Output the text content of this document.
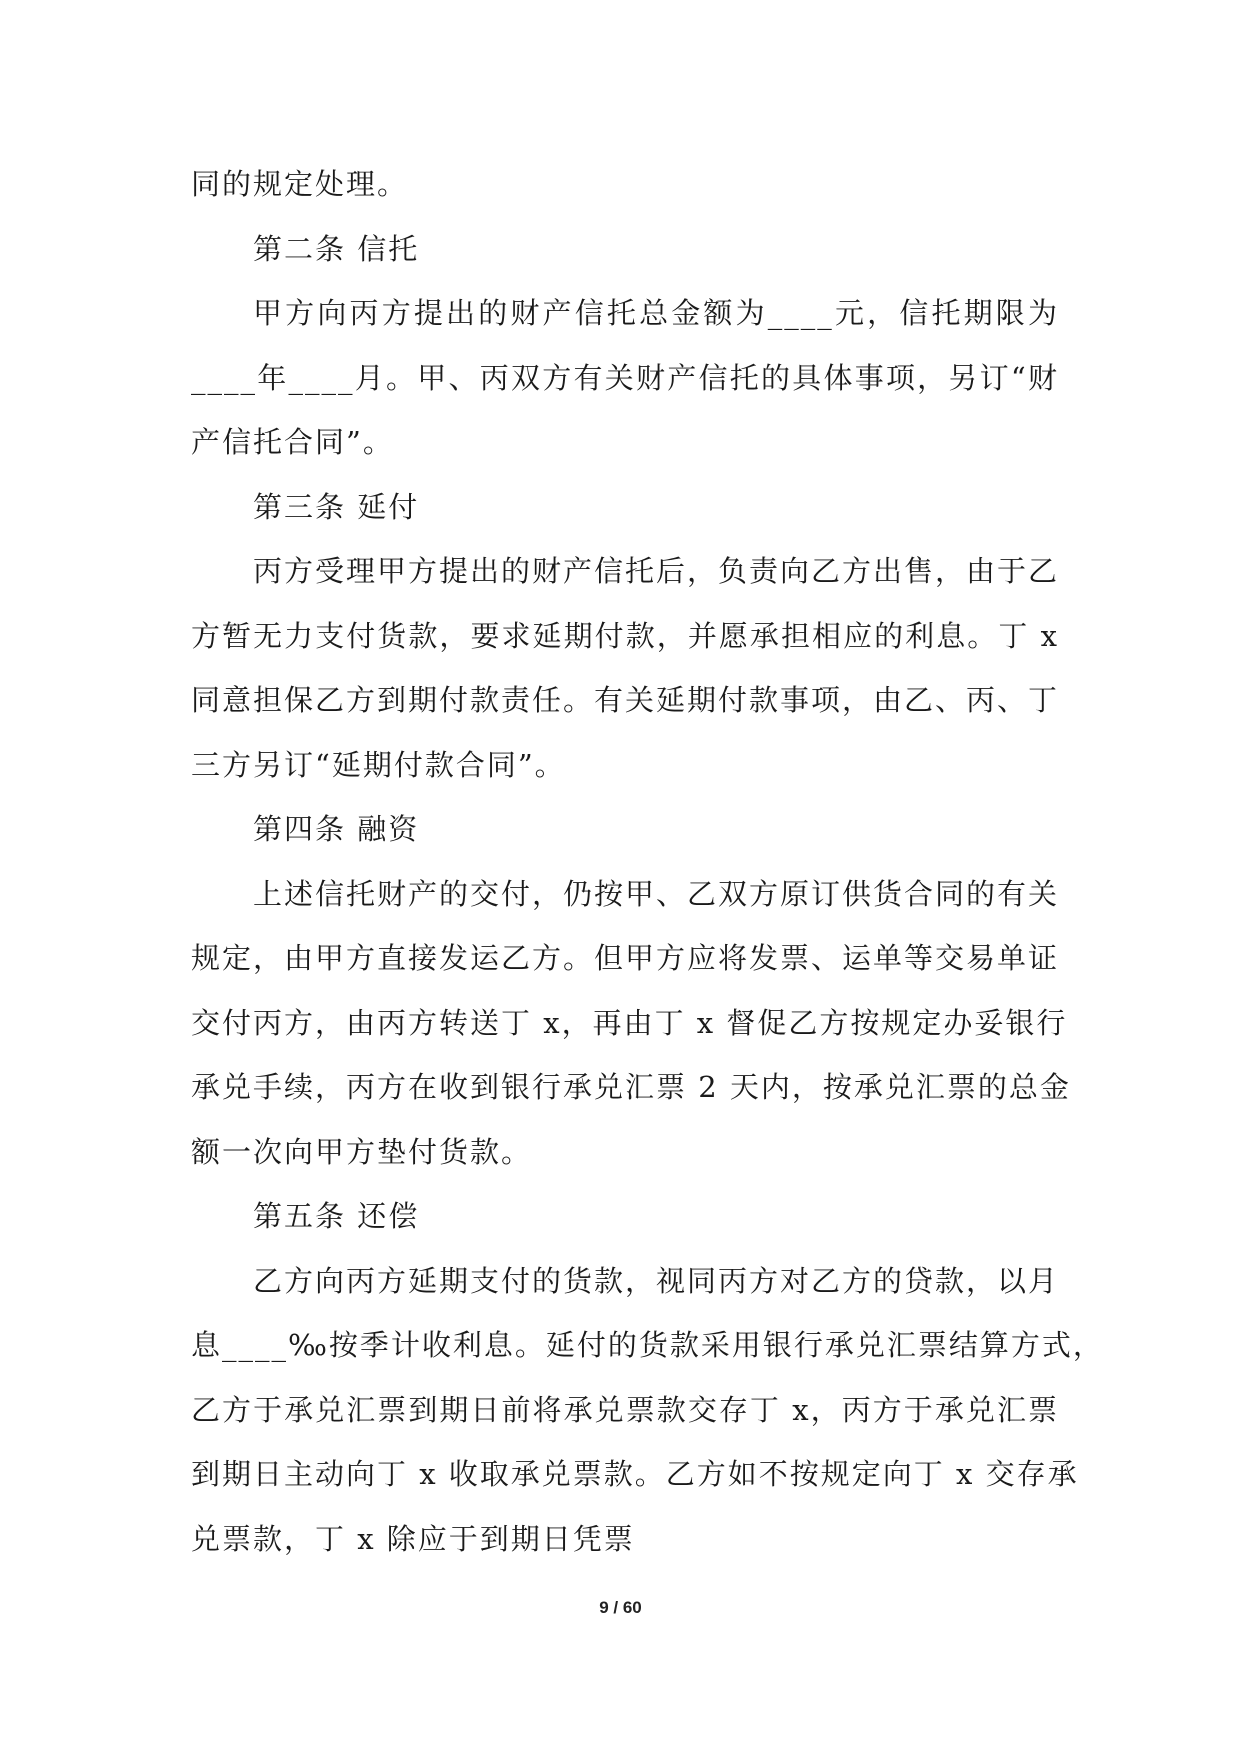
同的规定处理。
第二条 信托
甲方向丙方提出的财产信托总金额为____元，信托期限为
____年____月。甲、丙双方有关财产信托的具体事项，另订“财
产信托合同”。
第三条 延付
丙方受理甲方提出的财产信托后，负责向乙方出售，由于乙
方暂无力支付货款，要求延期付款，并愿承担相应的利息。丁 x
同意担保乙方到期付款责任。有关延期付款事项，由乙、丙、丁
三方另订“延期付款合同”。
第四条 融资
上述信托财产的交付，仍按甲、乙双方原订供货合同的有关
规定，由甲方直接发运乙方。但甲方应将发票、运单等交易单证
交付丙方，由丙方转送丁 x，再由丁 x 督促乙方按规定办妥银行
承兑手续，丙方在收到银行承兑汇票 2 天内，按承兑汇票的总金
额一次向甲方垫付货款。
第五条 还偿
乙方向丙方延期支付的货款，视同丙方对乙方的贷款，以月
息____‰按季计收利息。延付的货款采用银行承兑汇票结算方式，
乙方于承兑汇票到期日前将承兑票款交存丁 x，丙方于承兑汇票
到期日主动向丁 x 收取承兑票款。乙方如不按规定向丁 x 交存承
兑票款，丁 x 除应于到期日凭票
9 / 60
